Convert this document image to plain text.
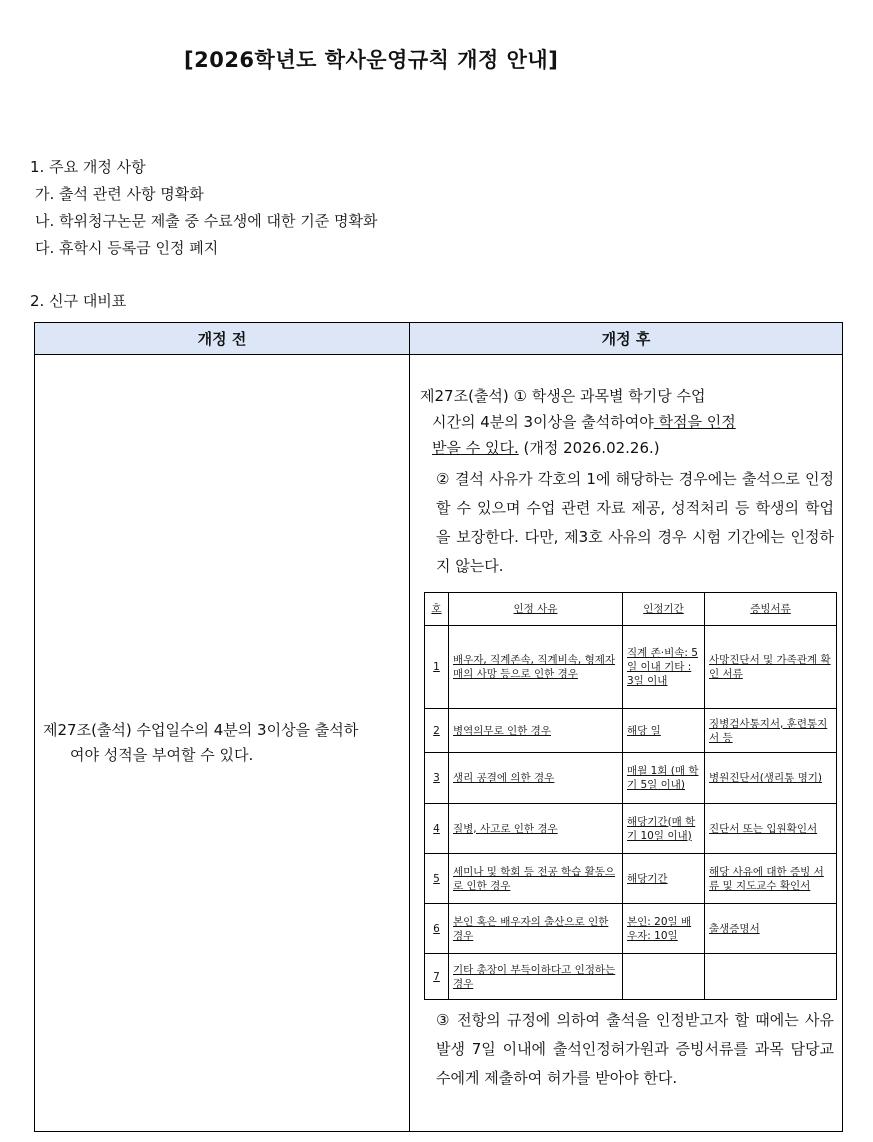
[2026학년도 학사운영규칙 개정 안내]
1. 주요 개정 사항
가. 출석 관련 사항 명확화
나. 학위청구논문 제출 중 수료생에 대한 기준 명확화
다. 휴학시 등록금 인정 폐지
2. 신구 대비표
개정 전	개정 후

제27조(출석) 수업일수의 4분의 3이상을 출석하
여야 성적을 부여할 수 있다.

제27조(출석) ① 학생은 과목별 학기당 수업
시간의 4분의 3이상을 출석하여야 학점을 인정
받을 수 있다. (개정 2026.02.26.)
② 결석 사유가 각호의 1에 해당하는 경우에는 출석으로 인정할 수 있으며 수업 관련 자료 제공, 성적처리 등 학생의 학업을 보장한다. 다만, 제3호 사유의 경우 시험 기간에는 인정하지 않는다.
호	인정 사유	인정기간	증빙서류
1	배우자, 직계존속, 직계비속, 형제자매의 사망 등으로 인한 경우	직계 존·비속: 5일 이내 기타 : 3일 이내	사망진단서 및 가족관계 확인 서류
2	병역의무로 인한 경우	해당 일	징병검사통지서, 훈련통지서 등
3	생리 공결에 의한 경우	매월 1회 (매 학기 5일 이내)	병원진단서(생리통 명기)
4	질병, 사고로 인한 경우	해당기간(매 학기 10일 이내)	진단서 또는 입원확인서
5	세미나 및 학회 등 전공 학습 활동으로 인한 경우	해당기간	해당 사유에 대한 증빙 서류 및 지도교수 확인서
6	본인 혹은 배우자의 출산으로 인한 경우	본인: 20일 배우자: 10일	출생증명서
7	기타 총장이 부득이하다고 인정하는 경우		
③ 전항의 규정에 의하여 출석을 인정받고자 할 때에는 사유발생 7일 이내에 출석인정허가원과 증빙서류를 과목 담당교수에게 제출하여 허가를 받아야 한다.
